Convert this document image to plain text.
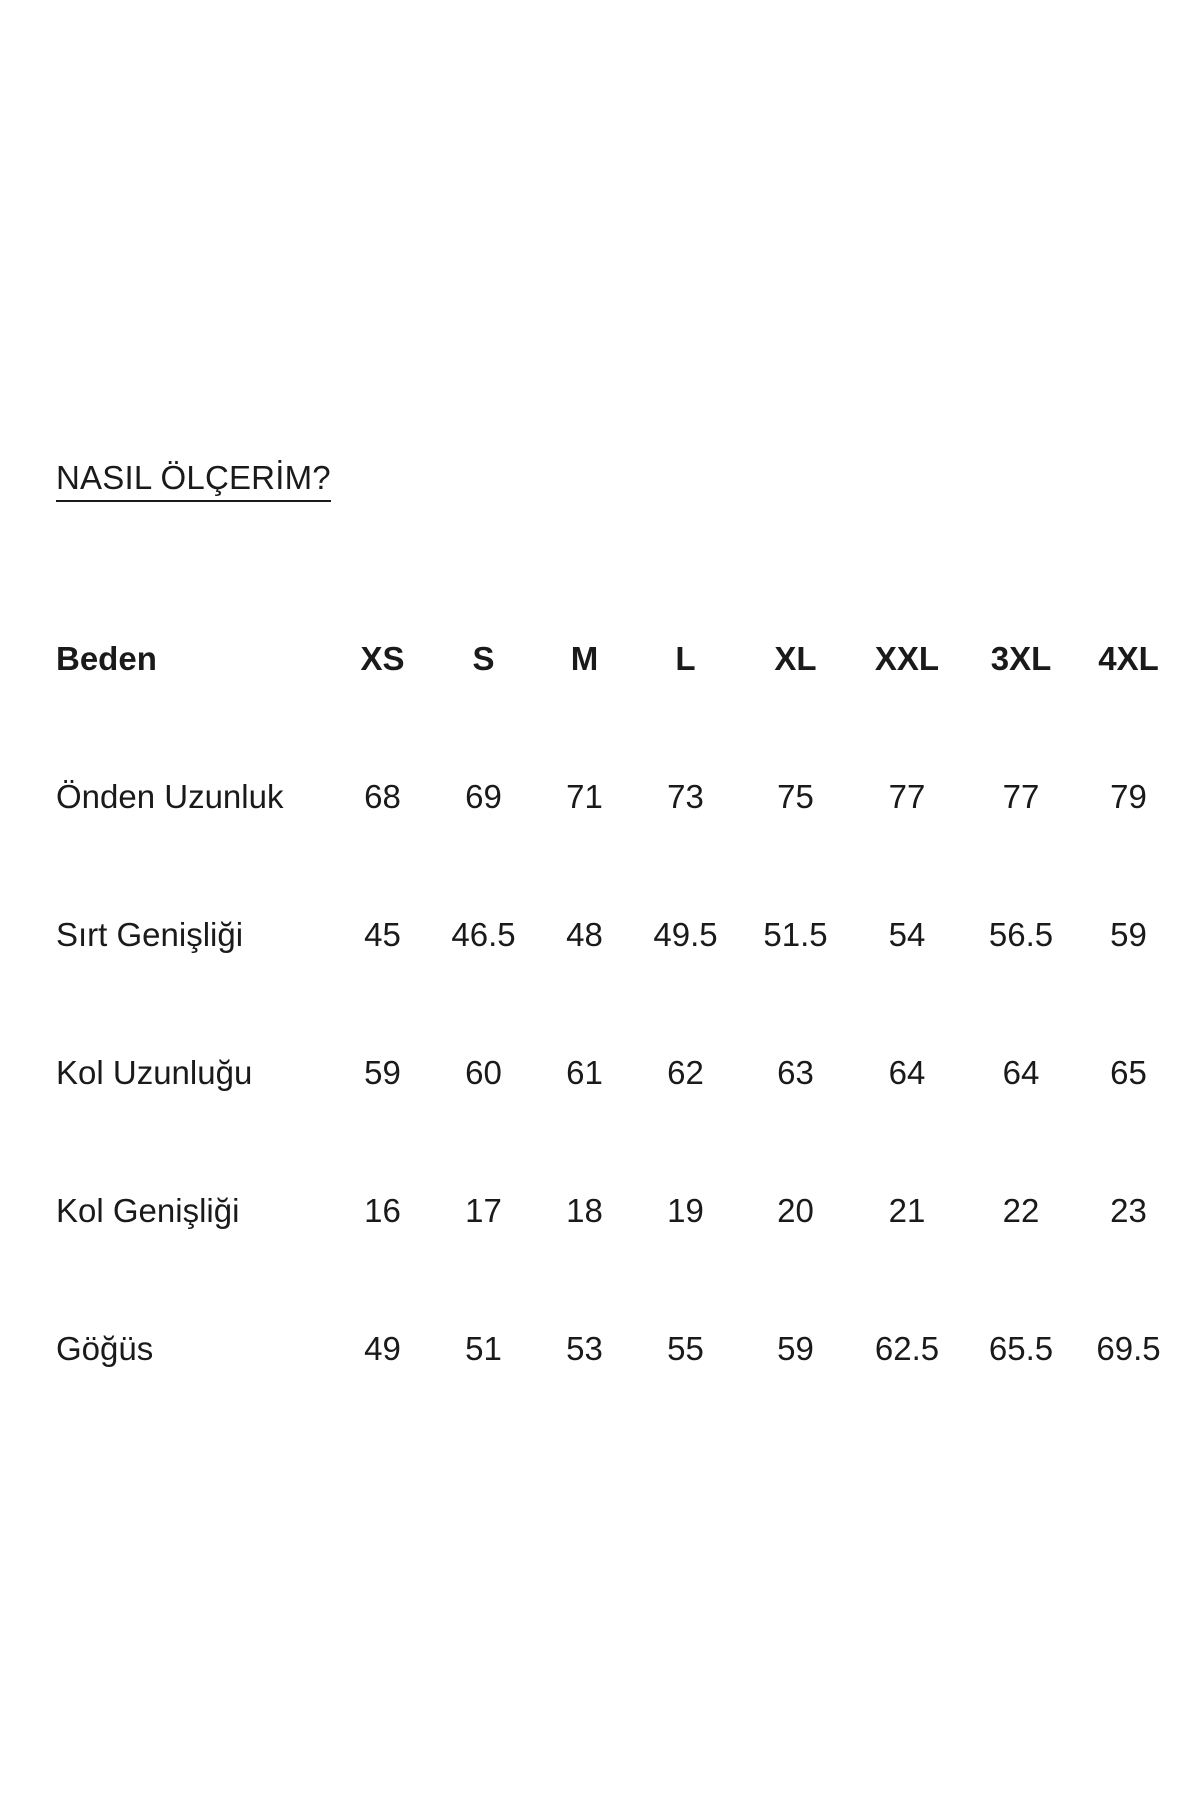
NASIL ÖLÇERİM?
Beden	XS	S	M	L	XL	XXL	3XL	4XL
Önden Uzunluk	68	69	71	73	75	77	77	79
Sırt Genişliği	45	46.5	48	49.5	51.5	54	56.5	59
Kol Uzunluğu	59	60	61	62	63	64	64	65
Kol Genişliği	16	17	18	19	20	21	22	23
Göğüs	49	51	53	55	59	62.5	65.5	69.5
